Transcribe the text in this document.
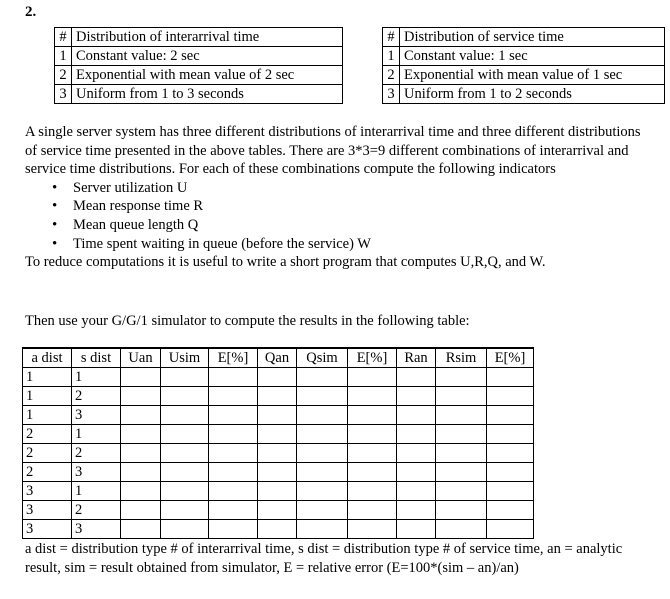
2.
#	Distribution of interarrival time
1	Constant value: 2 sec
2	Exponential with mean value of 2 sec
3	Uniform from 1 to 3 seconds
#	Distribution of service time
1	Constant value: 1 sec
2	Exponential with mean value of 1 sec
3	Uniform from 1 to 2 seconds

A single server system has three different distributions of interarrival time and three different distributions of service time presented in the above tables. There are 3*3=9 different combinations of interarrival and service time distributions. For each of these combinations compute the following indicators

• Server utilization U
• Mean response time R
• Mean queue length Q
• Time spent waiting in queue (before the service) W

To reduce computations it is useful to write a short program that computes U,R,Q, and W.

Then use your G/G/1 simulator to compute the results in the following table:
a dist	s dist	Uan	Usim	E[%]	Qan	Qsim	E[%]	Ran	Rsim	E[%]
1	1									
1	2									
1	3									
2	1									
2	2									
2	3									
3	1									
3	2									
3	3									
a dist = distribution type # of interarrival time, s dist = distribution type # of service time, an = analytic result, sim = result obtained from simulator, E = relative error (E=100*(sim – an)/an)
